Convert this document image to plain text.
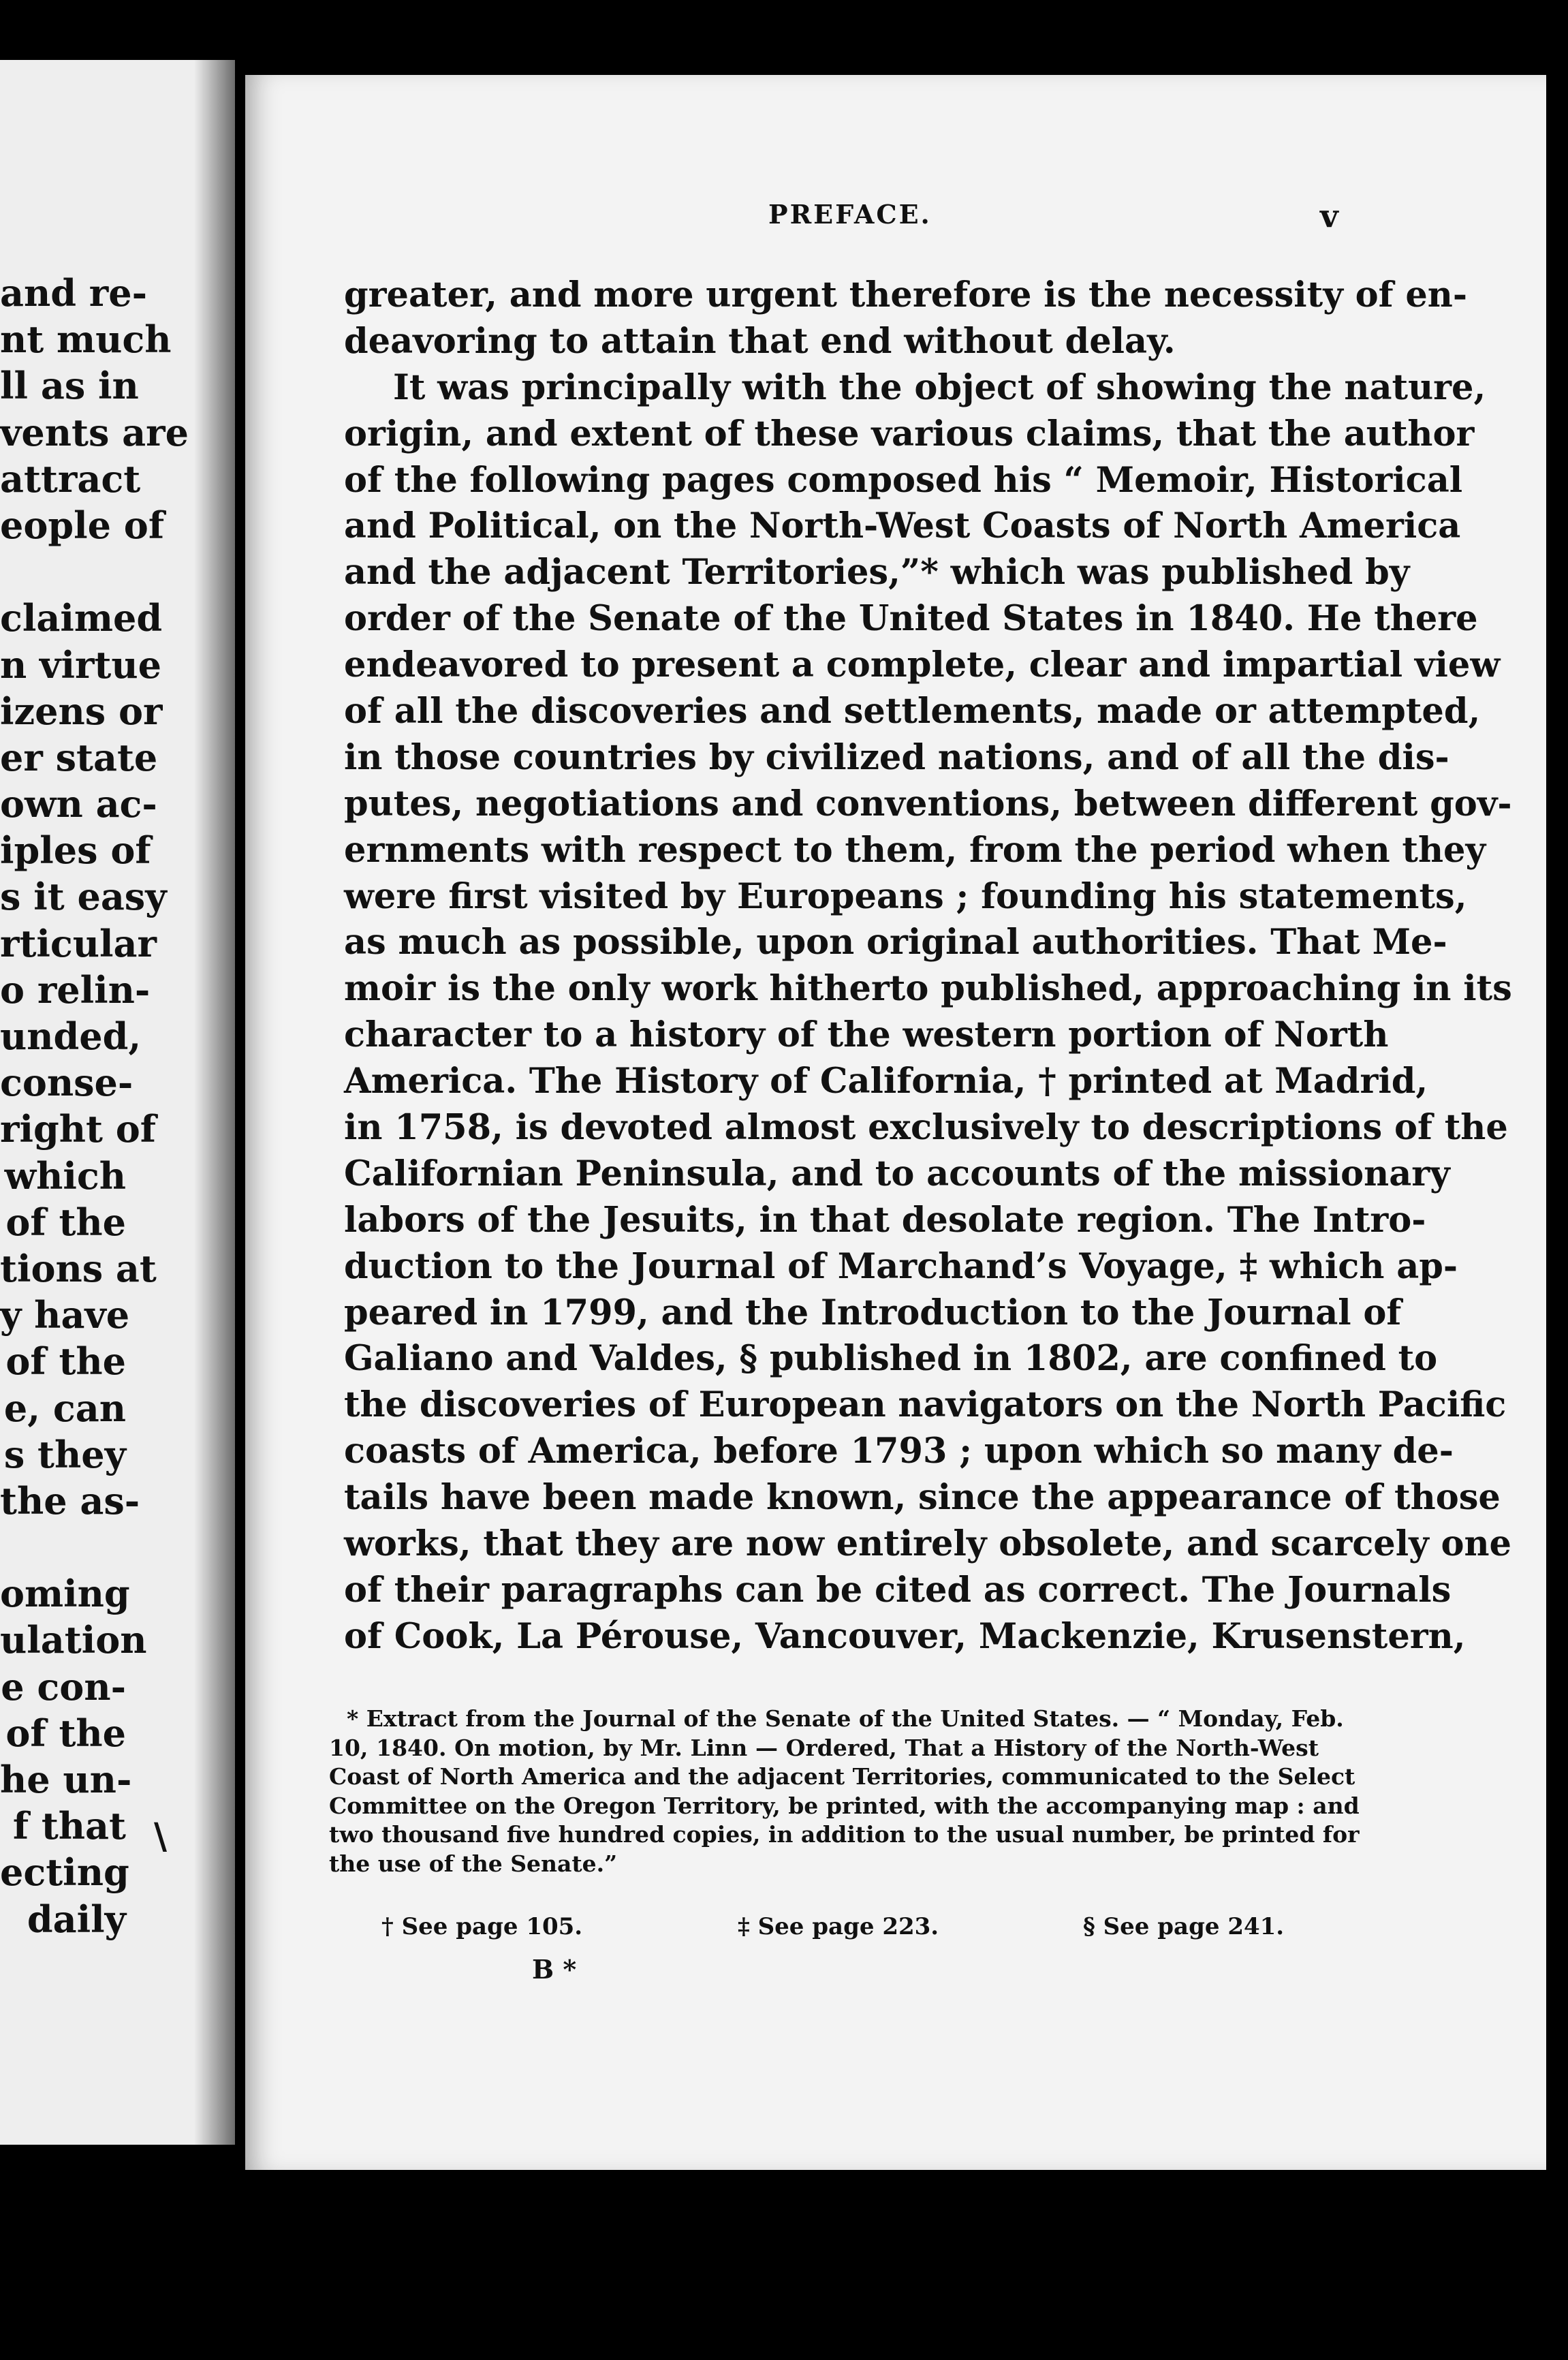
and re-
nt much
ll as in
vents are
attract
eople of
claimed
n virtue
izens or
er state
own ac-
iples of
s it easy
rticular
o relin-
unded,
conse-
right of
which
of the
tions at
y have
of the
e, can
s they
the as-
oming
ulation
e con-
of the
he un-
f that
ecting
daily
\
PREFACE.	v
greater, and more urgent therefore is the necessity of en-
deavoring to attain that end without delay.
It was principally with the object of showing the nature,
origin, and extent of these various claims, that the author
of the following pages composed his “ Memoir, Historical
and Political, on the North-West Coasts of North America
and the adjacent Territories,”* which was published by
order of the Senate of the United States in 1840. He there
endeavored to present a complete, clear and impartial view
of all the discoveries and settlements, made or attempted,
in those countries by civilized nations, and of all the dis-
putes, negotiations and conventions, between different gov-
ernments with respect to them, from the period when they
were first visited by Europeans ; founding his statements,
as much as possible, upon original authorities. That Me-
moir is the only work hitherto published, approaching in its
character to a history of the western portion of North
America. The History of California, † printed at Madrid,
in 1758, is devoted almost exclusively to descriptions of the
Californian Peninsula, and to accounts of the missionary
labors of the Jesuits, in that desolate region. The Intro-
duction to the Journal of Marchand’s Voyage, ‡ which ap-
peared in 1799, and the Introduction to the Journal of
Galiano and Valdes, § published in 1802, are confined to
the discoveries of European navigators on the North Pacific
coasts of America, before 1793 ; upon which so many de-
tails have been made known, since the appearance of those
works, that they are now entirely obsolete, and scarcely one
of their paragraphs can be cited as correct. The Journals
of Cook, La Pérouse, Vancouver, Mackenzie, Krusenstern,
* Extract from the Journal of the Senate of the United States. — “ Monday, Feb.
10, 1840. On motion, by Mr. Linn — Ordered, That a History of the North-West
Coast of North America and the adjacent Territories, communicated to the Select
Committee on the Oregon Territory, be printed, with the accompanying map : and
two thousand five hundred copies, in addition to the usual number, be printed for
the use of the Senate.”
† See page 105.	‡ See page 223.	§ See page 241.
B *
